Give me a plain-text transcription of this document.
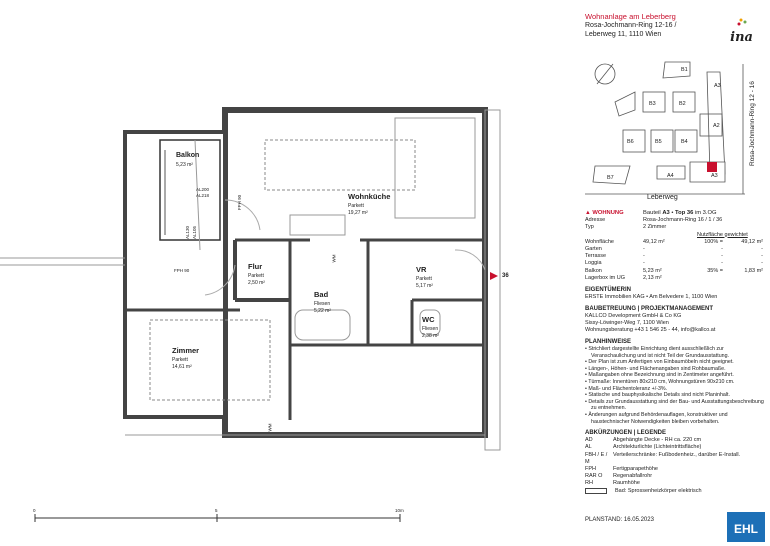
Balkon
5,23 m²
Wohnküche
Parkett
19,27 m²
Flur
Parkett
2,50 m²
Bad
Fliesen
5,22 m²
VR
Parkett
5,17 m²
WC
Fliesen
2,38 m²
Zimmer
Parkett
14,61 m²
AL200
AL218
AL130 AL105
FPH 90
FPH 90
WM
WM
36
0	5	10m
Wohnanlage am Leberberg
Rosa-Jochmann-Ring 12-16 /
Leberweg 11, 1110 Wien	ina
B1
A3
B3	B2
A2
B6	B5	B4
B7	A4	A3
Leberweg
Rosa-Jochmann-Ring 12 - 16
▲ WOHNUNG	Bauteil
A3 • Top 36
im 3.OG
Adresse	Rosa-Jochmann-Ring 16 / 1 / 36
Typ	2 Zimmer
Nutzfläche gewichtet
Wohnfläche	49,12 m²	100% =	49,12 m²
Garten	-	-	-
Terrasse	-	-	-
Loggia	-	-	-
Balkon	5,23 m²	35% =	1,83 m²
Lagerbox im UG	2,13 m²
EIGENTÜMERIN
ERSTE Immobilien KAG • Am Belvedere 1, 1100 Wien
BAUBETREUUNG | PROJEKTMANAGEMENT
KALLCO Development GmbH & Co KG
Sissy-Löwinger-Weg 7, 1100 Wien
Wohnungsberatung +43 1 546 25 - 44, info@kallco.at
PLANHINWEISE
• Strichliert dargestellte Einrichtung dient ausschließlich zur Veranschaulichung und ist nicht Teil der Grundausstattung.
• Der Plan ist zum Anfertigen von Einbaumöbeln nicht geeignet.
• Längen-, Höhen- und Flächenangaben sind Rohbaumaße.
• Maßangaben ohne Bezeichnung sind in Zentimeter angeführt.
• Türmaße: Innentüren 80x210 cm, Wohnungstüren 90x210 cm.
• Maß- und Flächentoleranz +/-3%.
• Statische und bauphysikalische Details sind nicht Planinhalt.
• Details zur Grundausstattung sind der Bau- und Ausstattungsbeschreibung zu entnehmen.
• Änderungen aufgrund Behördenauflagen, konstruktiver und haustechnischer Notwendigkeiten bleiben vorbehalten.
ABKÜRZUNGEN | LEGENDE
AD	Abgehängte Decke - RH ca. 220 cm
AL	Architekturlichte (Lichteintrittsfläche)
FBH / E / M
Verteilerschränke: Fußbodenheiz., darüber E-Install.
FPH	Fertigparapethöhe
RAR O	Regenabfallrohr
RH	Raumhöhe
Bad: Sprossenheizkörper elektrisch
PLANSTAND: 16.05.2023
EHL
